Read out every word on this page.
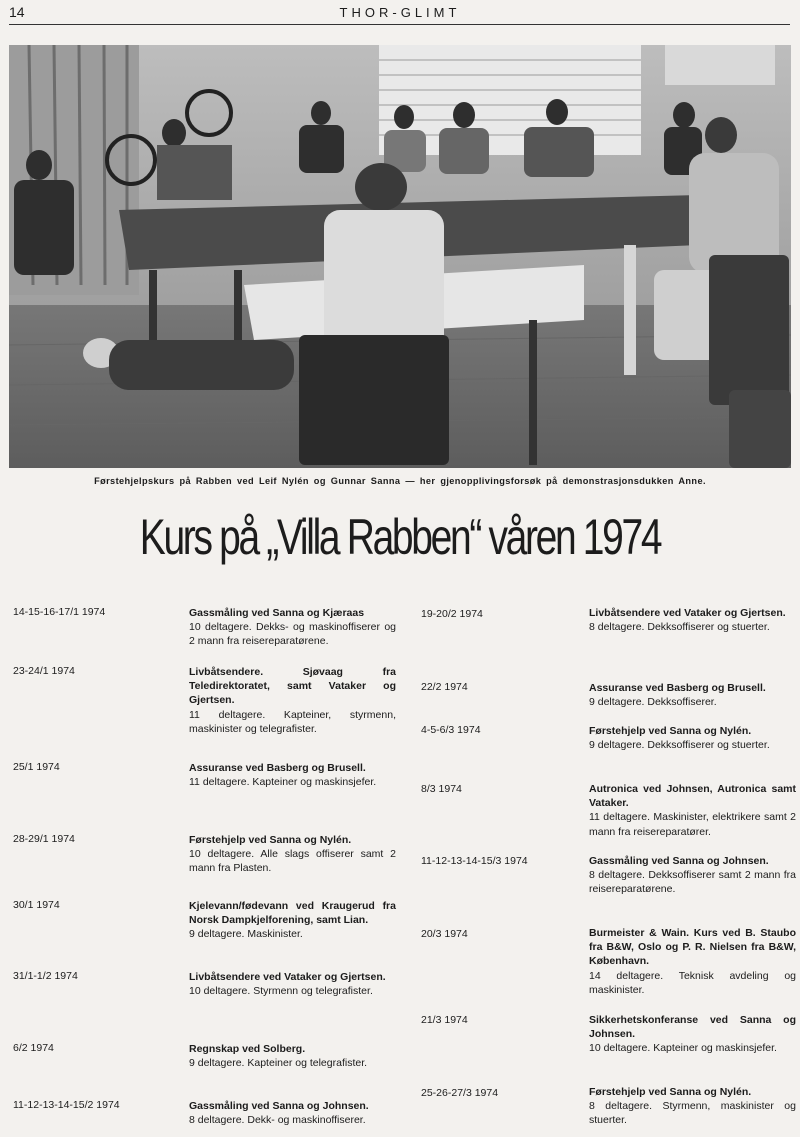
14	THOR-GLIMT
Førstehjelpskurs på Rabben ved Leif Nylén og Gunnar Sanna — her gjenopplivingsforsøk på demonstrasjonsdukken Anne.
Kurs på „Villa Rabben“ våren 1974
14-15-16-17/1 1974	Gassmåling ved Sanna og Kjæraas
10 deltagere. Dekks- og maskinoffiserer og 2 mann fra reisereparatørene.
23-24/1 1974	Livbåtsendere. Sjøvaag fra Teledirektoratet, samt Vataker og Gjertsen.
11 deltagere. Kapteiner, styrmenn, maskinister og telegrafister.
25/1 1974	Assuranse ved Basberg og Brusell.
11 deltagere. Kapteiner og maskinsjefer.
28-29/1 1974	Førstehjelp ved Sanna og Nylén.
10 deltagere. Alle slags offiserer samt 2 mann fra Plasten.
30/1 1974	Kjelevann/fødevann ved Kraugerud fra Norsk Dampkjelforening, samt Lian.
9 deltagere. Maskinister.
31/1-1/2 1974	Livbåtsendere ved Vataker og Gjertsen.
10 deltagere. Styrmenn og telegrafister.
6/2 1974	Regnskap ved Solberg.
9 deltagere. Kapteiner og telegrafister.
11-12-13-14-15/2 1974	Gassmåling ved Sanna og Johnsen.
8 deltagere. Dekk- og maskinoffiserer.
19-20/2 1974	Livbåtsendere ved Vataker og Gjertsen.
8 deltagere. Dekksoffiserer og stuerter.
22/2 1974	Assuranse ved Basberg og Brusell.
9 deltagere. Dekksoffiserer.
4-5-6/3 1974	Førstehjelp ved Sanna og Nylén.
9 deltagere. Dekksoffiserer og stuerter.
8/3 1974	Autronica ved Johnsen, Autronica samt Vataker.
11 deltagere. Maskinister, elektrikere samt 2 mann fra reisereparatører.
11-12-13-14-15/3 1974	Gassmåling ved Sanna og Johnsen.
8 deltagere. Dekksoffiserer samt 2 mann fra reisereparatørene.
20/3 1974	Burmeister & Wain. Kurs ved B. Staubo fra B&W, Oslo og P. R. Nielsen fra B&W, København.
14 deltagere. Teknisk avdeling og maskinister.
21/3 1974	Sikkerhetskonferanse ved Sanna og Johnsen.
10 deltagere. Kapteiner og maskinsjefer.
25-26-27/3 1974	Førstehjelp ved Sanna og Nylén.
8 deltagere. Styrmenn, maskinister og stuerter.
